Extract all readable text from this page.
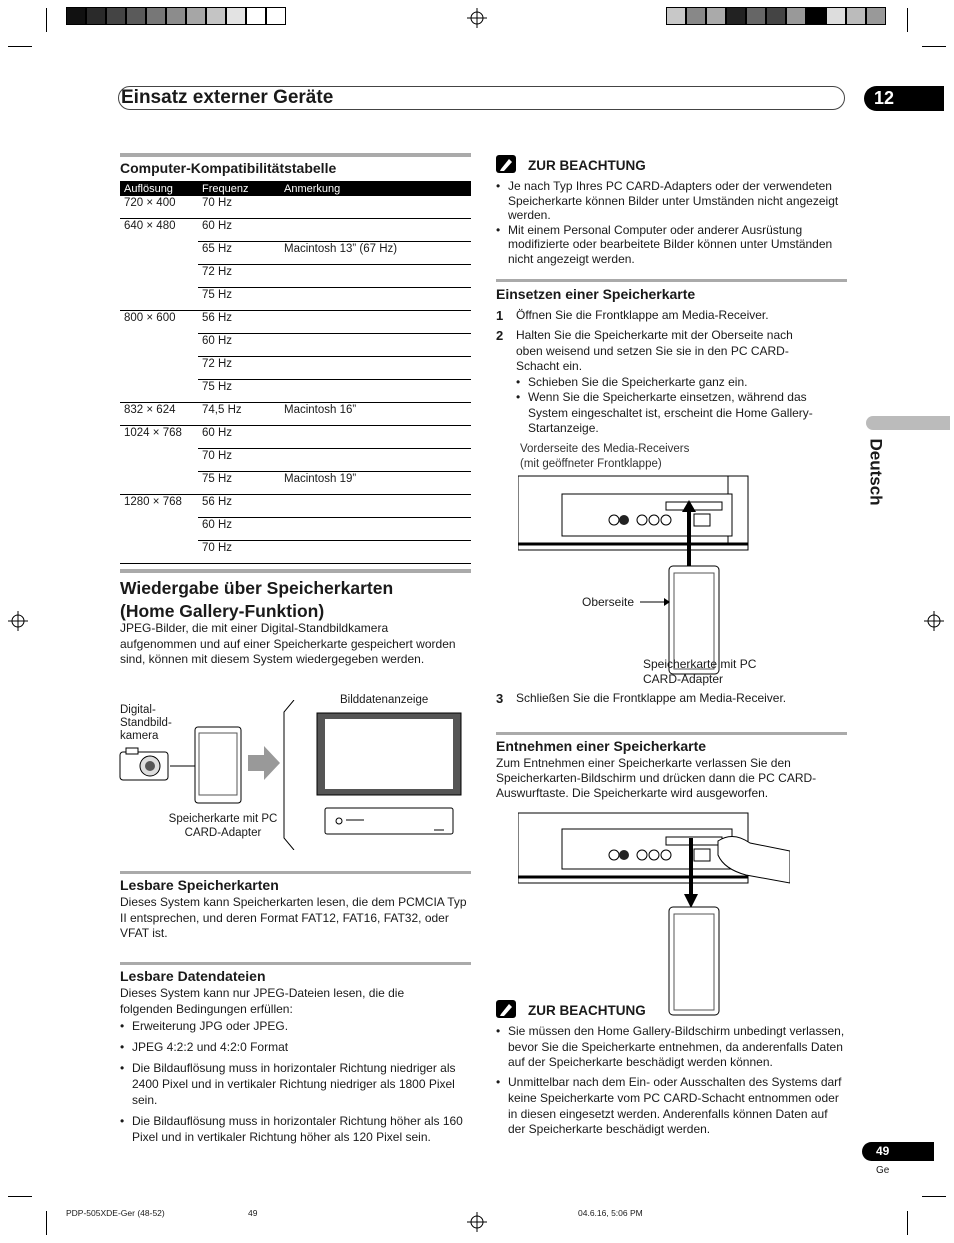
Einsatz externer Geräte	12
Deutsch
Computer-Kompatibilitätstabelle
Auflösung	Frequenz	Anmerkung
720 × 400	70 Hz	
640 × 480	60 Hz	
	65 Hz	Macintosh 13” (67 Hz)
	72 Hz	
	75 Hz	
800 × 600	56 Hz	
	60 Hz	
	72 Hz	
	75 Hz	
832 × 624	74,5 Hz	Macintosh 16”
1024 × 768	60 Hz	
	70 Hz	
	75 Hz	Macintosh 19”
1280 × 768	56 Hz	
	60 Hz	
	70 Hz	
Wiedergabe über Speicherkarten
(Home Gallery-Funktion)
JPEG-Bilder, die mit einer Digital-Standbildkamera aufgenommen und auf einer Speicherkarte gespeichert worden sind, können mit diesem System wiedergegeben werden.
Digital-Standbild-kamera
Speicherkarte mit PC CARD-Adapter
Bilddatenanzeige
Lesbare Speicherkarten
Dieses System kann Speicherkarten lesen, die dem PCMCIA Typ II entsprechen, und deren Format FAT12, FAT16, FAT32, oder VFAT ist.
Lesbare Datendateien
Dieses System kann nur JPEG-Dateien lesen, die die folgenden Bedingungen erfüllen:
• Erweiterung JPG oder JPEG.
• JPEG 4:2:2 und 4:2:0 Format
• Die Bildauflösung muss in horizontaler Richtung niedriger als 2400 Pixel und in vertikaler Richtung niedriger als 1800 Pixel sein.
• Die Bildauflösung muss in horizontaler Richtung höher als 160 Pixel und in vertikaler Richtung höher als 120 Pixel sein.
ZUR BEACHTUNG
• Je nach Typ Ihres PC CARD-Adapters oder der verwendeten Speicherkarte können Bilder unter Umständen nicht angezeigt werden.
• Mit einem Personal Computer oder anderer Ausrüstung modifizierte oder bearbeitete Bilder können unter Umständen nicht angezeigt werden.
Einsetzen einer Speicherkarte
1	Öffnen Sie die Frontklappe am Media-Receiver.
2	Halten Sie die Speicherkarte mit der Oberseite nach oben weisend und setzen Sie sie in den PC CARD-Schacht ein.
• Schieben Sie die Speicherkarte ganz ein.
• Wenn Sie die Speicherkarte einsetzen, während das System eingeschaltet ist, erscheint die Home Gallery-Startanzeige.
Vorderseite des Media-Receivers (mit geöffneter Frontklappe)
Oberseite
Speicherkarte mit PC CARD-Adapter
3	Schließen Sie die Frontklappe am Media-Receiver.
Entnehmen einer Speicherkarte
Zum Entnehmen einer Speicherkarte verlassen Sie den Speicherkarten-Bildschirm und drücken dann die PC CARD-Auswurftaste. Die Speicherkarte wird ausgeworfen.
ZUR BEACHTUNG
• Sie müssen den Home Gallery-Bildschirm unbedingt verlassen, bevor Sie die Speicherkarte entnehmen, da anderenfalls Daten auf der Speicherkarte beschädigt werden können.
• Unmittelbar nach dem Ein- oder Ausschalten des Systems darf keine Speicherkarte vom PC CARD-Schacht entnommen oder in diesen eingesetzt werden. Anderenfalls können Daten auf der Speicherkarte beschädigt werden.
49
Ge
PDP-505XDE-Ger (48-52)	49	04.6.16, 5:06 PM
